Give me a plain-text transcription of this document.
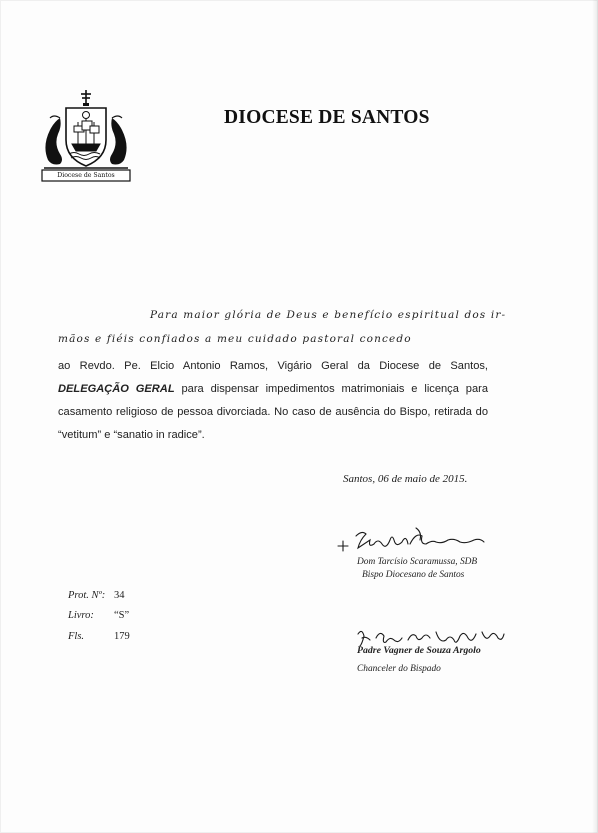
Diocese de Santos
DIOCESE DE SANTOS
Para maior glória de Deus e benefício espiritual dos ir-
mãos e fiéis confiados a meu cuidado pastoral concedo

ao Revdo. Pe. Elcio Antonio Ramos, Vigário Geral da Diocese de Santos, DELEGAÇÃO GERAL para dispensar impedimentos matrimoniais e licença para casamento religioso de pessoa divorciada. No caso de ausência do Bispo, retirada do “vetitum” e “sanatio in radice”.

Santos, 06 de maio de 2015.
Dom Tarcísio Scaramussa, SDB
Bispo Diocesano de Santos
Prot. Nº: 34
Livro: “S”
Fls.	179
Padre Vagner de Souza Argolo
Chanceler do Bispado
